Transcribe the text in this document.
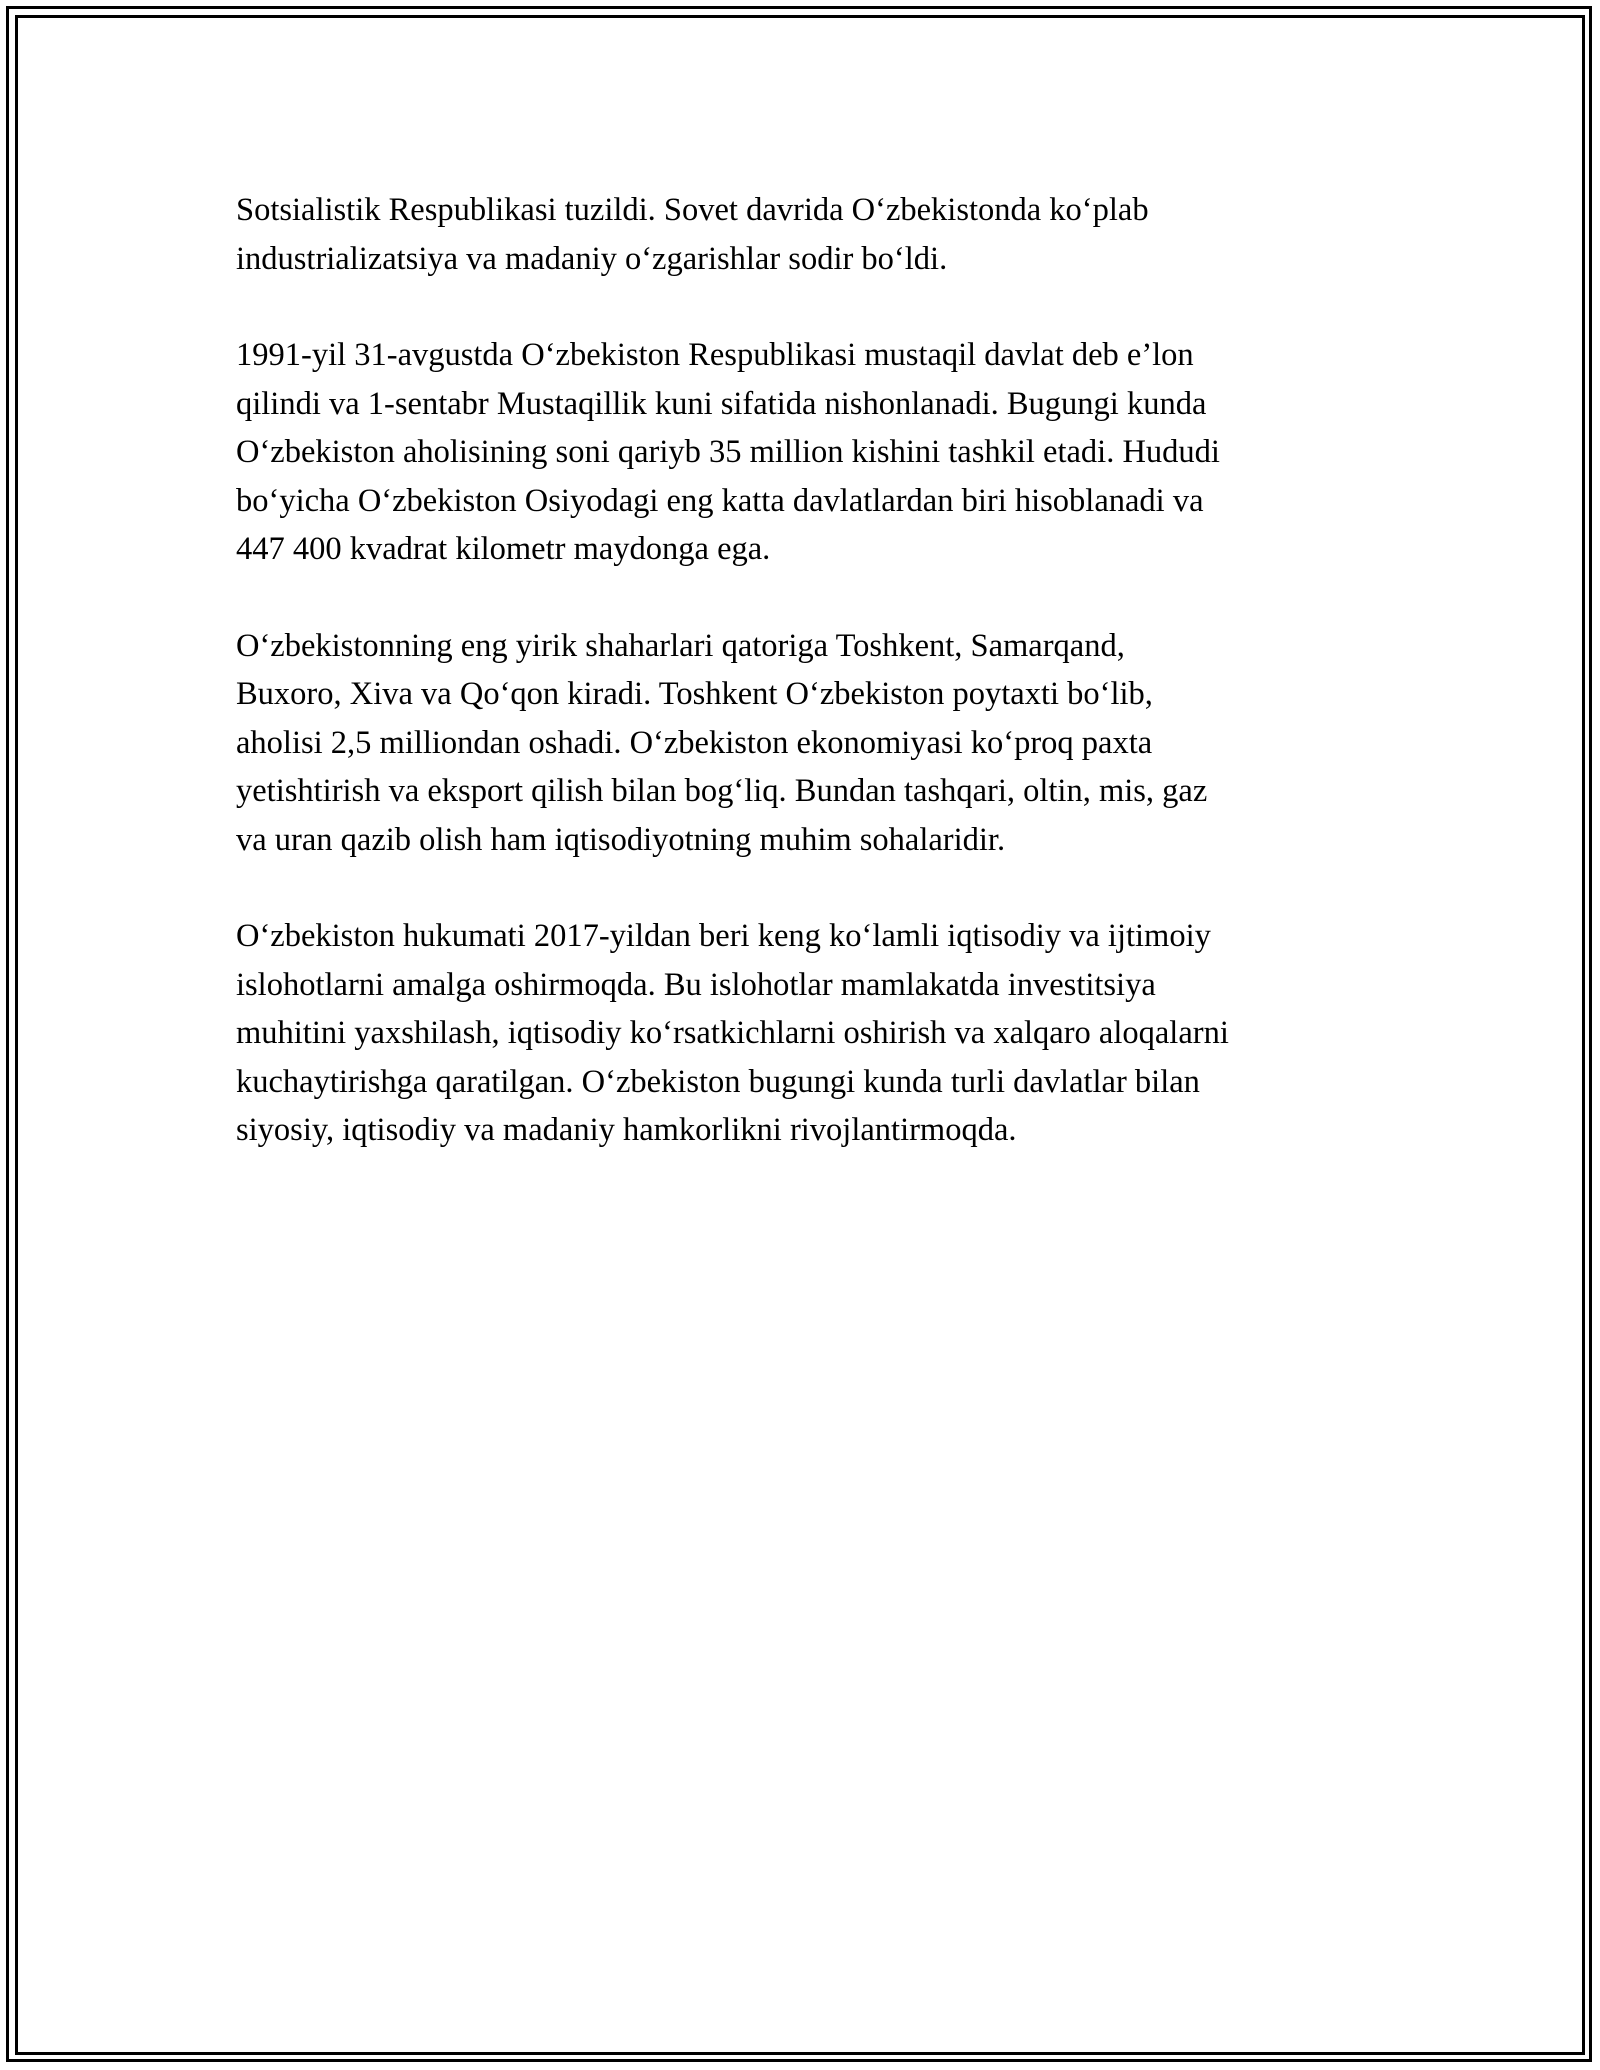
Sotsialistik Respublikasi tuzildi. Sovet davrida O‘zbekistonda ko‘plab
industrializatsiya va madaniy o‘zgarishlar sodir bo‘ldi.

1991-yil 31-avgustda O‘zbekiston Respublikasi mustaqil davlat deb e’lon
qilindi va 1-sentabr Mustaqillik kuni sifatida nishonlanadi. Bugungi kunda
O‘zbekiston aholisining soni qariyb 35 million kishini tashkil etadi. Hududi
bo‘yicha O‘zbekiston Osiyodagi eng katta davlatlardan biri hisoblanadi va
447 400 kvadrat kilometr maydonga ega.

O‘zbekistonning eng yirik shaharlari qatoriga Toshkent, Samarqand,
Buxoro, Xiva va Qo‘qon kiradi. Toshkent O‘zbekiston poytaxti bo‘lib,
aholisi 2,5 milliondan oshadi. O‘zbekiston ekonomiyasi ko‘proq paxta
yetishtirish va eksport qilish bilan bog‘liq. Bundan tashqari, oltin, mis, gaz
va uran qazib olish ham iqtisodiyotning muhim sohalaridir.

O‘zbekiston hukumati 2017-yildan beri keng ko‘lamli iqtisodiy va ijtimoiy
islohotlarni amalga oshirmoqda. Bu islohotlar mamlakatda investitsiya
muhitini yaxshilash, iqtisodiy ko‘rsatkichlarni oshirish va xalqaro aloqalarni
kuchaytirishga qaratilgan. O‘zbekiston bugungi kunda turli davlatlar bilan
siyosiy, iqtisodiy va madaniy hamkorlikni rivojlantirmoqda.
